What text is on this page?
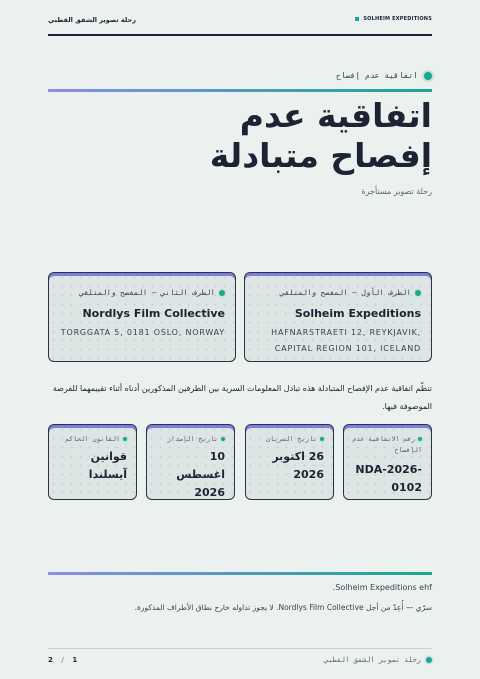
رحلة تصوير الشفق القطبي	SOLHEIM EXPEDITIONS
اتفاقية عدم إفصاح
اتفاقية عدم
إفصاح متبادلة
رحلة تصوير مستأجرة
الطرف الأول — المفصح والمتلقي
Solheim Expeditions
HAFNARSTRAETI 12, REYKJAVIK, CAPITAL REGION 101, ICELAND
الطرف الثاني — المفصح والمتلقي
Nordlys Film Collective
TORGGATA 5, 0181 OSLO, NORWAY
تنظّم اتفاقية عدم الإفصاح المتبادلة هذه تبادل المعلومات السرية بين الطرفين المذكورين أدناه أثناء تقييمهما للفرصة الموصوفة فيها.
رقم الاتفاقية عدم الإفصاح
NDA-2026-0102
تاريخ السريان
26 اكتوبر 2026
تاريخ الإصدار
10 اغسطس 2026
القانون الحاكم
قوانين آيسلندا
Solheim Expeditions ehf.
سرّي — أُعِدّ من أجل Nordlys Film Collective. لا يجوز تداوله خارج نطاق الأطراف المذكورة.
رحلة تصوير الشفق القطبي
2 / 1
